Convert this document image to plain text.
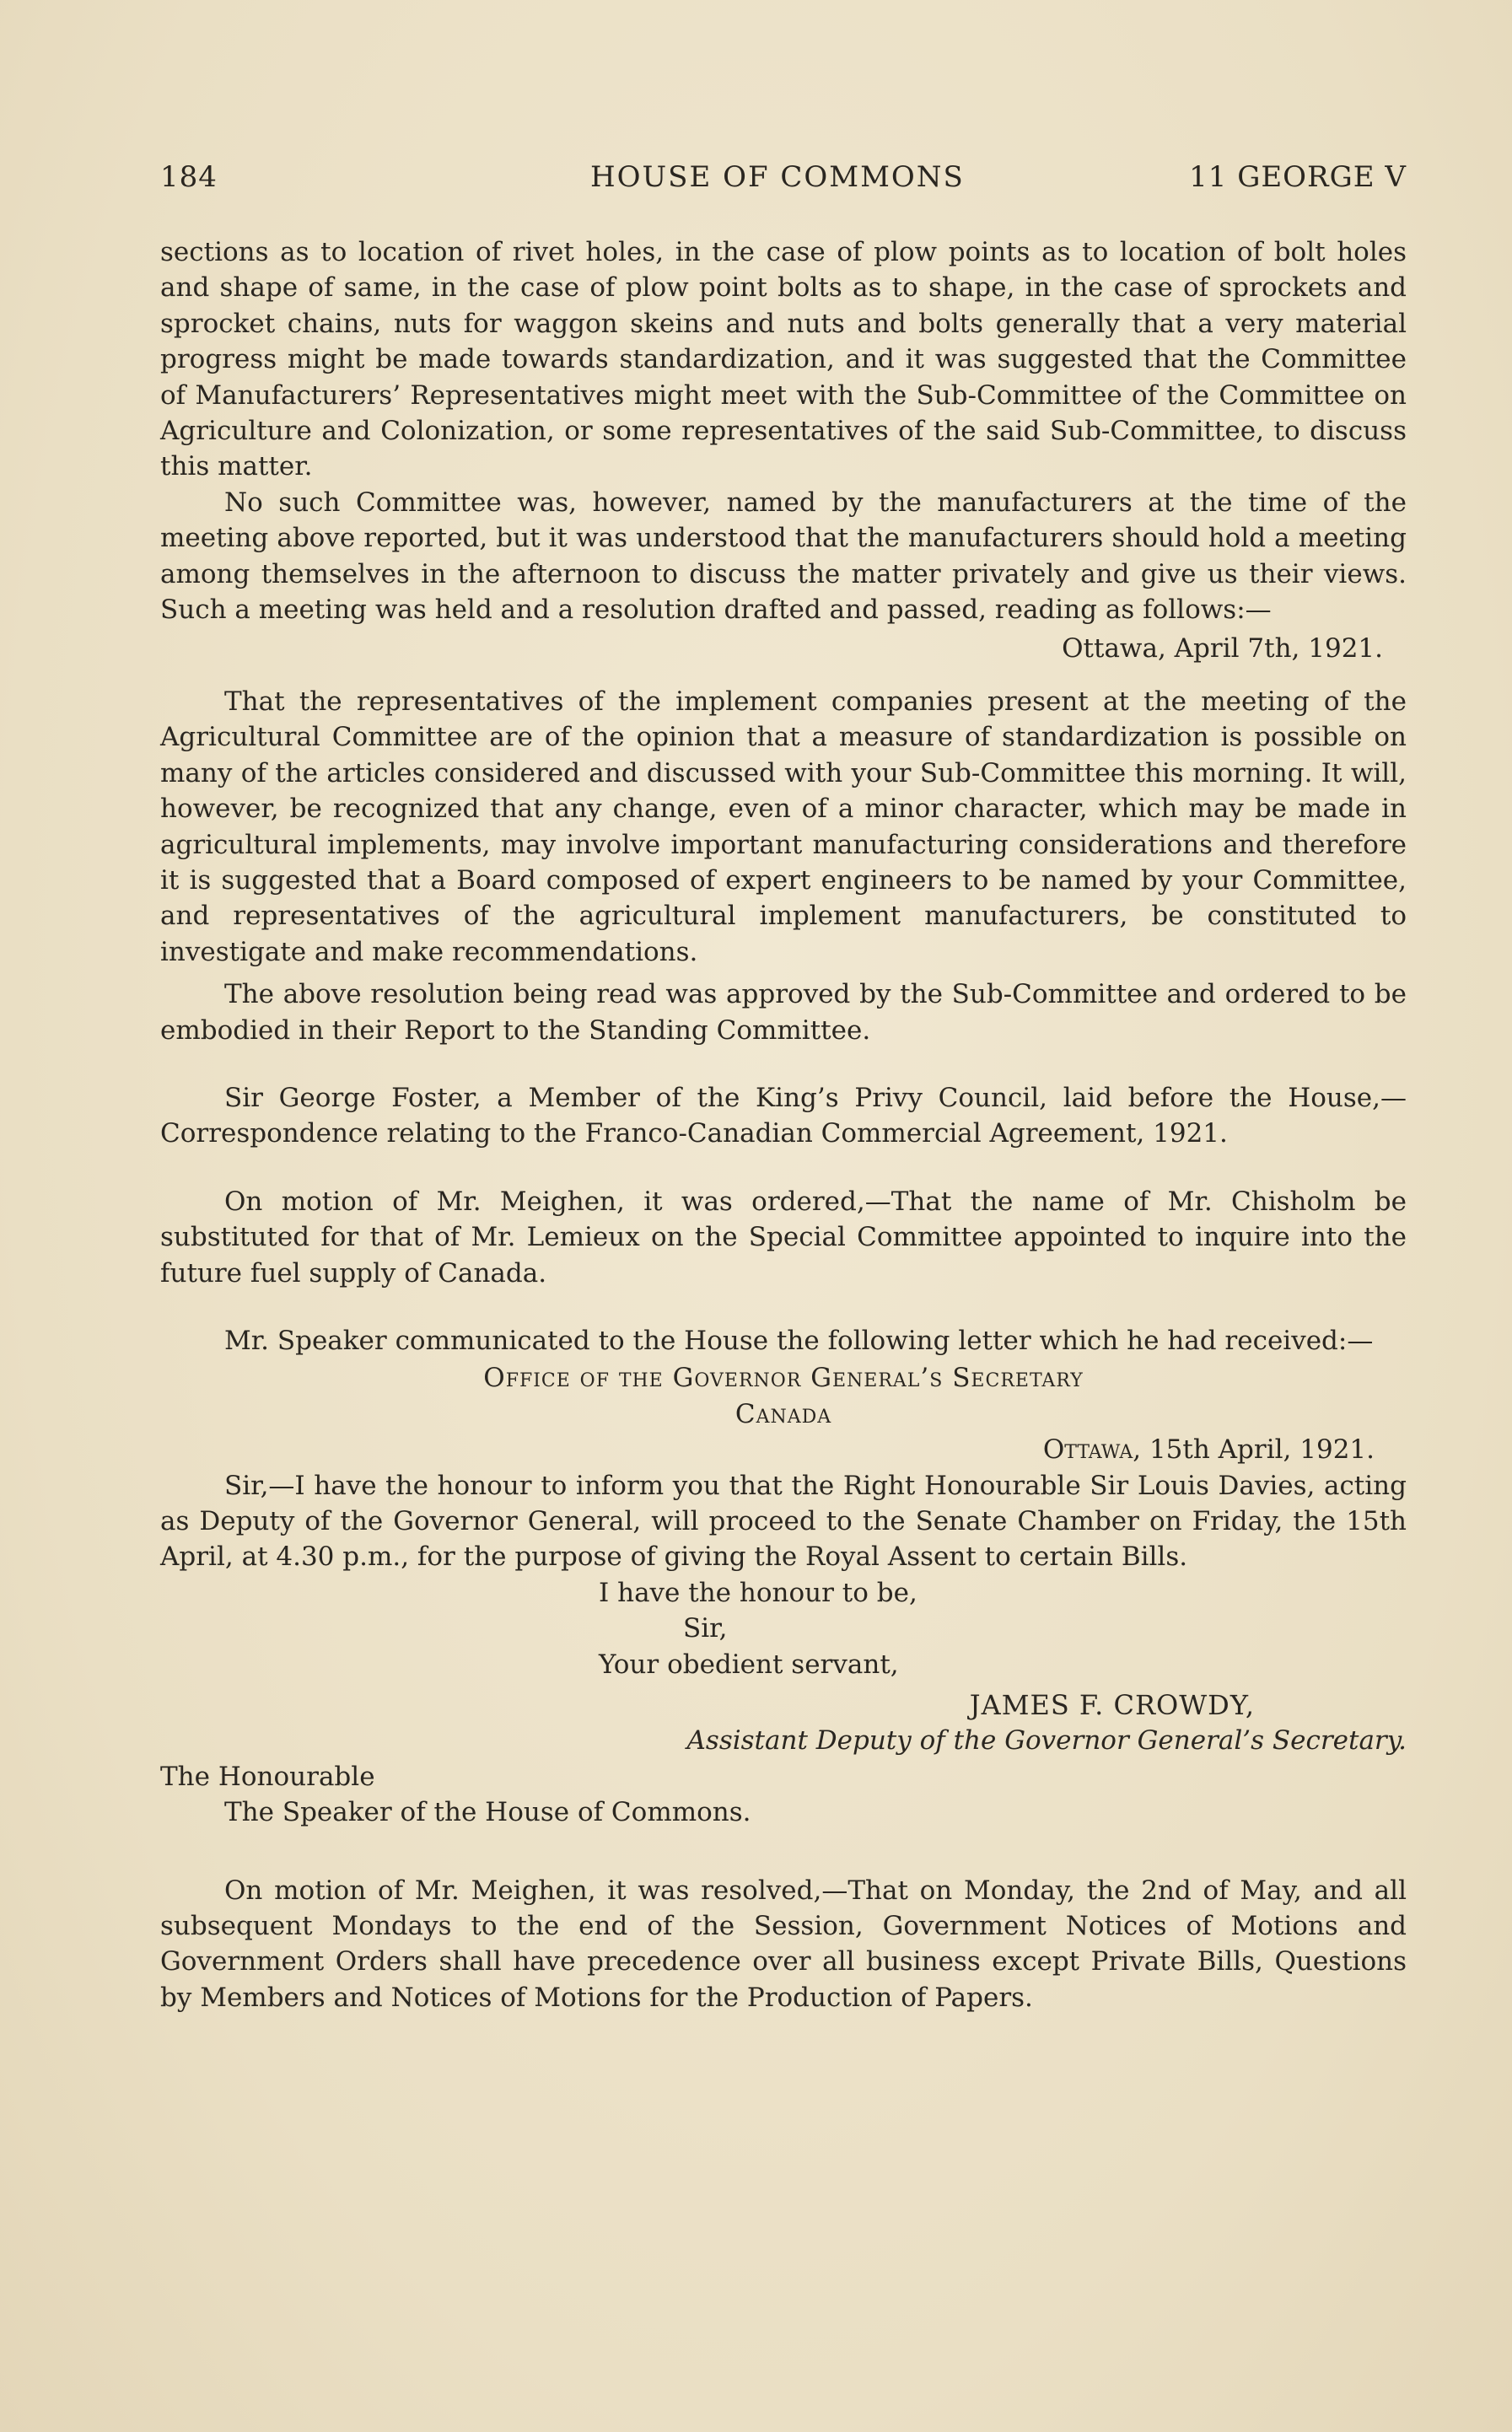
184	HOUSE OF COMMONS	11 GEORGE V

sections as to location of rivet holes, in the case of plow points as to location of bolt holes and shape of same, in the case of plow point bolts as to shape, in the case of sprockets and sprocket chains, nuts for waggon skeins and nuts and bolts generally that a very material progress might be made towards standardization, and it was suggested that the Committee of Manufacturers’ Representatives might meet with the Sub-Committee of the Committee on Agriculture and Colonization, or some representatives of the said Sub-Committee, to discuss this matter.

No such Committee was, however, named by the manufacturers at the time of the meeting above reported, but it was understood that the manufacturers should hold a meeting among themselves in the afternoon to discuss the matter privately and give us their views. Such a meeting was held and a resolution drafted and passed, reading as follows:—

Ottawa, April 7th, 1921.

That the representatives of the implement companies present at the meeting of the Agricultural Committee are of the opinion that a measure of standardization is possible on many of the articles considered and discussed with your Sub-Committee this morning. It will, however, be recognized that any change, even of a minor character, which may be made in agricultural implements, may involve important manufacturing considerations and therefore it is suggested that a Board composed of expert engineers to be named by your Committee, and representatives of the agricultural implement manufacturers, be constituted to investigate and make recommendations.

The above resolution being read was approved by the Sub-Committee and ordered to be embodied in their Report to the Standing Committee.

Sir George Foster, a Member of the King’s Privy Council, laid before the House,—Correspondence relating to the Franco-Canadian Commercial Agreement, 1921.

On motion of Mr. Meighen, it was ordered,—That the name of Mr. Chisholm be substituted for that of Mr. Lemieux on the Special Committee appointed to inquire into the future fuel supply of Canada.

Mr. Speaker communicated to the House the following letter which he had received:—

Office of the Governor General’s Secretary

Canada

Ottawa, 15th April, 1921.

Sir,—I have the honour to inform you that the Right Honourable Sir Louis Davies, acting as Deputy of the Governor General, will proceed to the Senate Chamber on Friday, the 15th April, at 4.30 p.m., for the purpose of giving the Royal Assent to certain Bills.

I have the honour to be,

Sir,

Your obedient servant,

JAMES F. CROWDY,

Assistant Deputy of the Governor General’s Secretary.

The Honourable

The Speaker of the House of Commons.

On motion of Mr. Meighen, it was resolved,—That on Monday, the 2nd of May, and all subsequent Mondays to the end of the Session, Government Notices of Motions and Government Orders shall have precedence over all business except Private Bills, Questions by Members and Notices of Motions for the Production of Papers.
